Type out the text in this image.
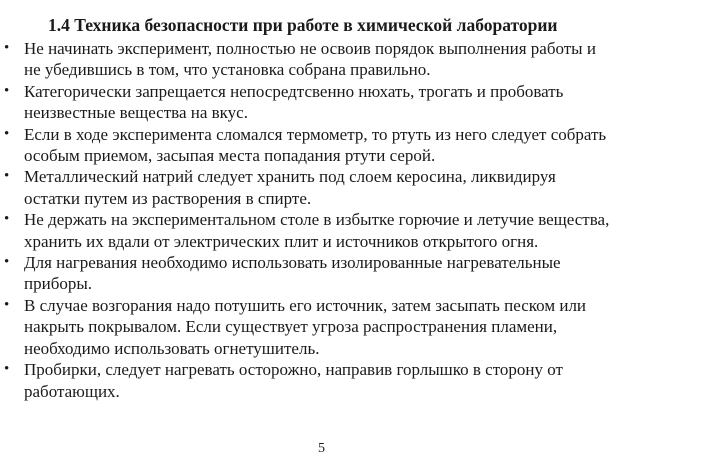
1.4 Техника безопасности при работе в химической лаборатории
• Не начинать эксперимент, полностью не освоив порядок выполнения работы и
не убедившись в том, что установка собрана правильно.
• Категорически запрещается непосредтсвенно нюхать, трогать и пробовать
неизвестные вещества на вкус.
• Если в ходе эксперимента сломался термометр, то ртуть из него следует собрать
особым приемом, засыпая места попадания ртути серой.
• Металлический натрий следует хранить под слоем керосина, ликвидируя
остатки путем из растворения в спирте.
• Не держать на экспериментальном столе в избытке горючие и летучие вещества,
хранить их вдали от электрических плит и источников открытого огня.
• Для нагревания необходимо использовать изолированные нагревательные
приборы.
• В случае возгорания надо потушить его источник, затем засыпать песком или
накрыть покрывалом. Если существует угроза распространения пламени,
необходимо использовать огнетушитель.
• Пробирки, следует нагревать осторожно, направив горлышко в сторону от
работающих.
5
